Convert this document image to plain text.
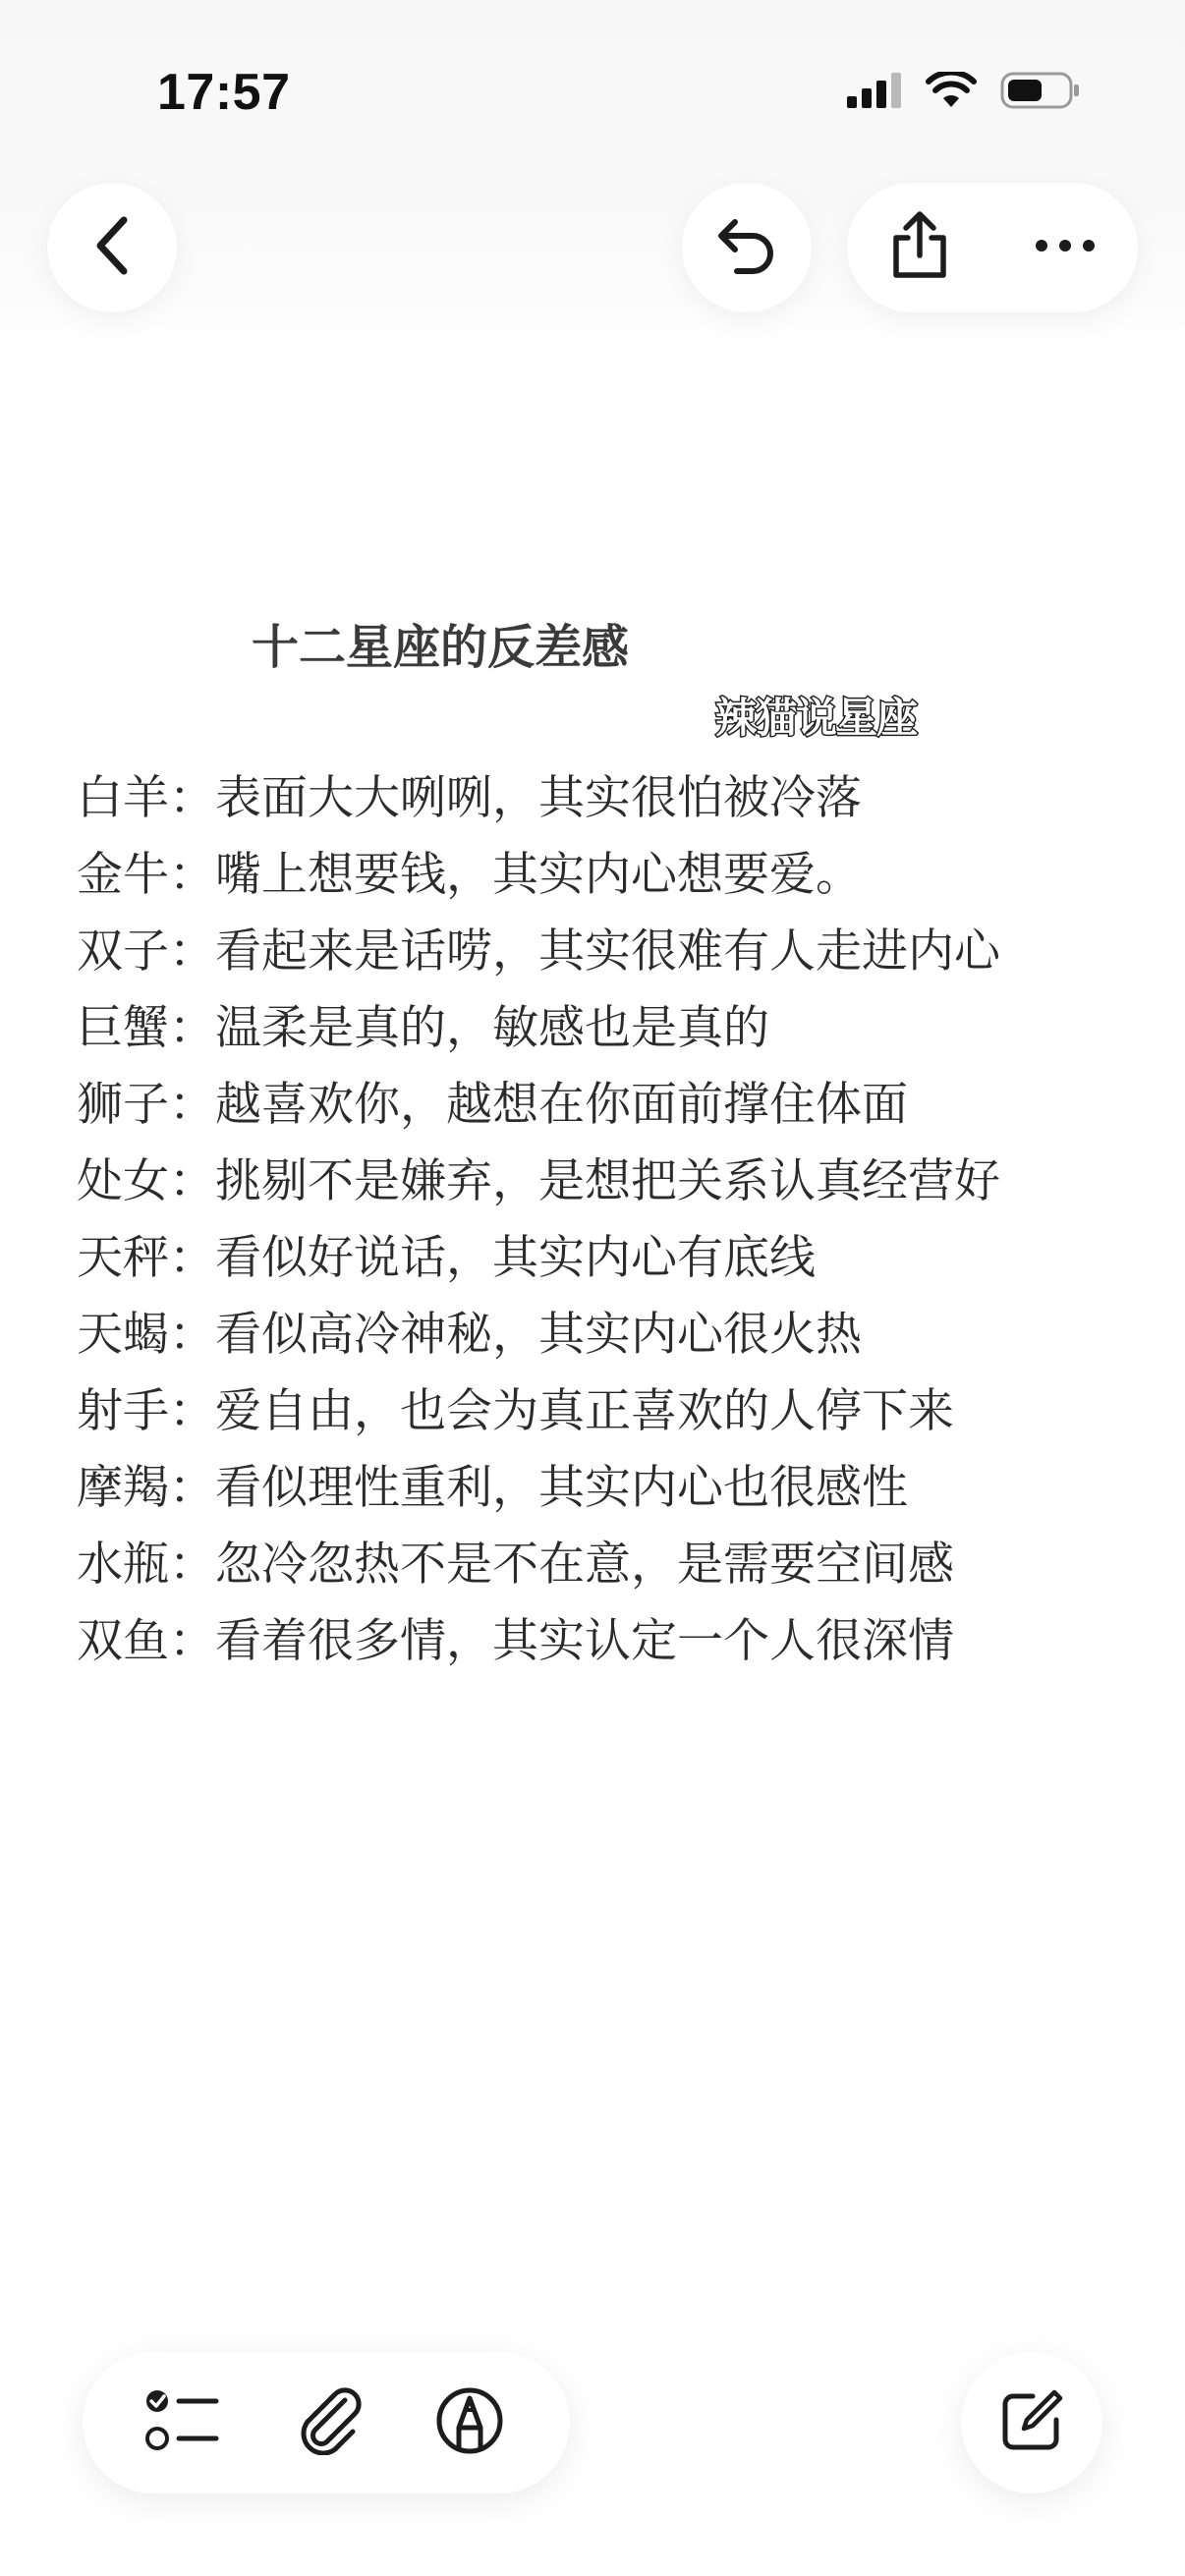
17:57
十二星座的反差感
辣猫说星座
白羊：表面大大咧咧，其实很怕被冷落
金牛：嘴上想要钱，其实内心想要爱。
双子：看起来是话唠，其实很难有人走进内心
巨蟹：温柔是真的，敏感也是真的
狮子：越喜欢你，越想在你面前撑住体面
处女：挑剔不是嫌弃，是想把关系认真经营好
天秤：看似好说话，其实内心有底线
天蝎：看似高冷神秘，其实内心很火热
射手：爱自由，也会为真正喜欢的人停下来
摩羯：看似理性重利，其实内心也很感性
水瓶：忽冷忽热不是不在意，是需要空间感
双鱼：看着很多情，其实认定一个人很深情
